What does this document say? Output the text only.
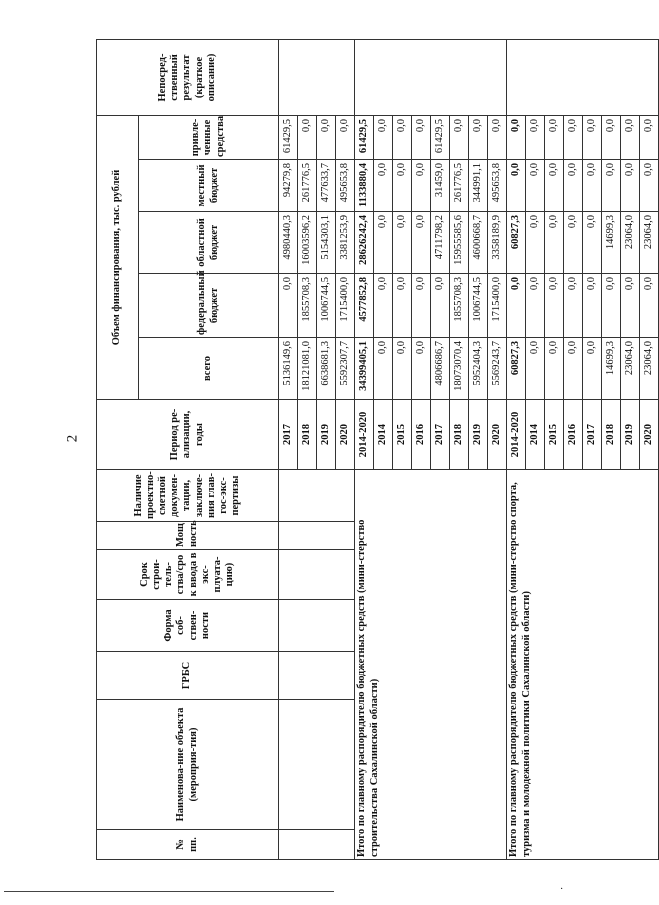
2
№ пп.	Наименова-ние объекта (мероприя-тия)	ГРБС	Форма соб-ствен-ности	Срок строи-тель-ства/сро к ввода в экс-плуата-цию)	Мощ ность	Наличие проектно-сметной докумен-тации, заключе-ния глав-гос-экс-пертизы	Период ре-ализации, годы	Объем финансирования, тыс. рублей					Непосред-ственный результат (краткое описание)
								всего	федеральный бюджет	областной бюджет	местный бюджет	привле-ченные средства	
							2017	5136149,6	0,0	4980440,3	94279,8	61429,5	
							2018	18121081,0	1855708,3	16003596,2	261776,5	0,0	
							2019	6638681,3	1006744,5	5154303,1	477633,7	0,0	
							2020	5592307,7	1715400,0	3381253,9	495653,8	0,0	
Итого по главному распорядителю бюджетных средств (мини-стерство строительства Сахалинской области)							2014-2020	34399405,1	4577852,8	28626242,4	1133880,4	61429,5	
							2014	0,0	0,0	0,0	0,0	0,0	
							2015	0,0	0,0	0,0	0,0	0,0	
							2016	0,0	0,0	0,0	0,0	0,0	
							2017	4806686,7	0,0	4711798,2	31459,0	61429,5	
							2018	18073070,4	1855708,3	15955585,6	261776,5	0,0	
							2019	5952404,3	1006744,5	4600668,7	344991,1	0,0	
							2020	5569243,7	1715400,0	3358189,9	495653,8	0,0	
Итого по главному распорядителю бюджетных средств (мини-стерство спорта, туризма и молодежной политики Сахалинской области)							2014-2020	60827,3	0,0	60827,3	0,0	0,0	
							2014	0,0	0,0	0,0	0,0	0,0	
							2015	0,0	0,0	0,0	0,0	0,0	
							2016	0,0	0,0	0,0	0,0	0,0	
							2017	0,0	0,0	0,0	0,0	0,0	
							2018	14699,3	0,0	14699,3	0,0	0,0	
							2019	23064,0	0,0	23064,0	0,0	0,0	
							2020	23064,0	0,0	23064,0	0,0	0,0	
·
